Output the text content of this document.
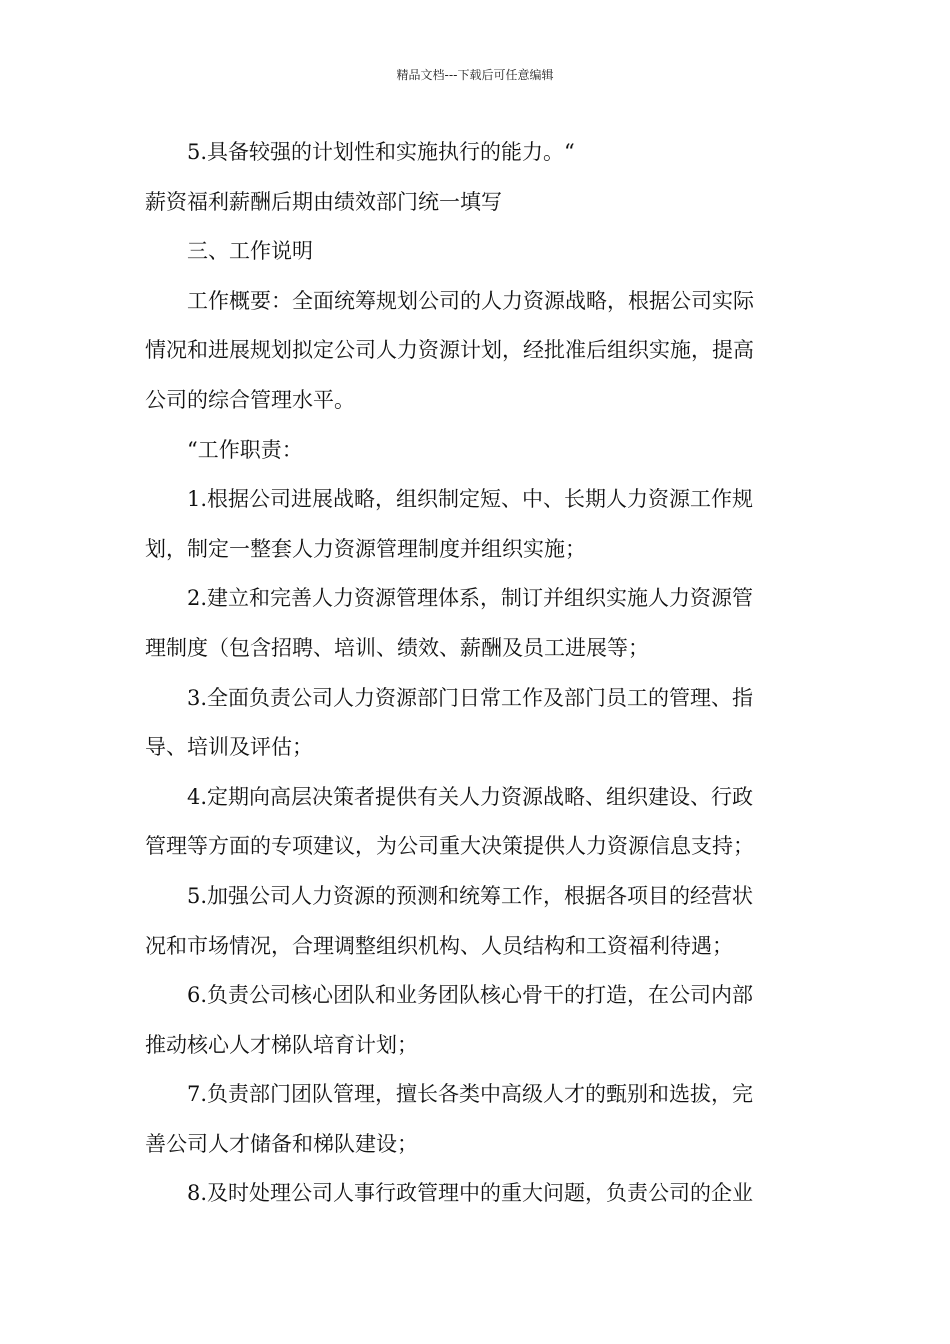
精品文档---下载后可任意编辑

5.具备较强的计划性和实施执行的能力。“

薪资福利薪酬后期由绩效部门统一填写

三、工作说明

工作概要：全面统筹规划公司的人力资源战略，根据公司实际

情况和进展规划拟定公司人力资源计划，经批准后组织实施，提高

公司的综合管理水平。

“工作职责：

1.根据公司进展战略，组织制定短、中、长期人力资源工作规

划，制定一整套人力资源管理制度并组织实施；

2.建立和完善人力资源管理体系，制订并组织实施人力资源管

理制度（包含招聘、培训、绩效、薪酬及员工进展等；

3.全面负责公司人力资源部门日常工作及部门员工的管理、指

导、培训及评估；

4.定期向高层决策者提供有关人力资源战略、组织建设、行政

管理等方面的专项建议，为公司重大决策提供人力资源信息支持；

5.加强公司人力资源的预测和统筹工作，根据各项目的经营状

况和市场情况，合理调整组织机构、人员结构和工资福利待遇；

6.负责公司核心团队和业务团队核心骨干的打造，在公司内部

推动核心人才梯队培育计划；

7.负责部门团队管理，擅长各类中高级人才的甄别和选拔，完

善公司人才储备和梯队建设；

8.及时处理公司人事行政管理中的重大问题，负责公司的企业
